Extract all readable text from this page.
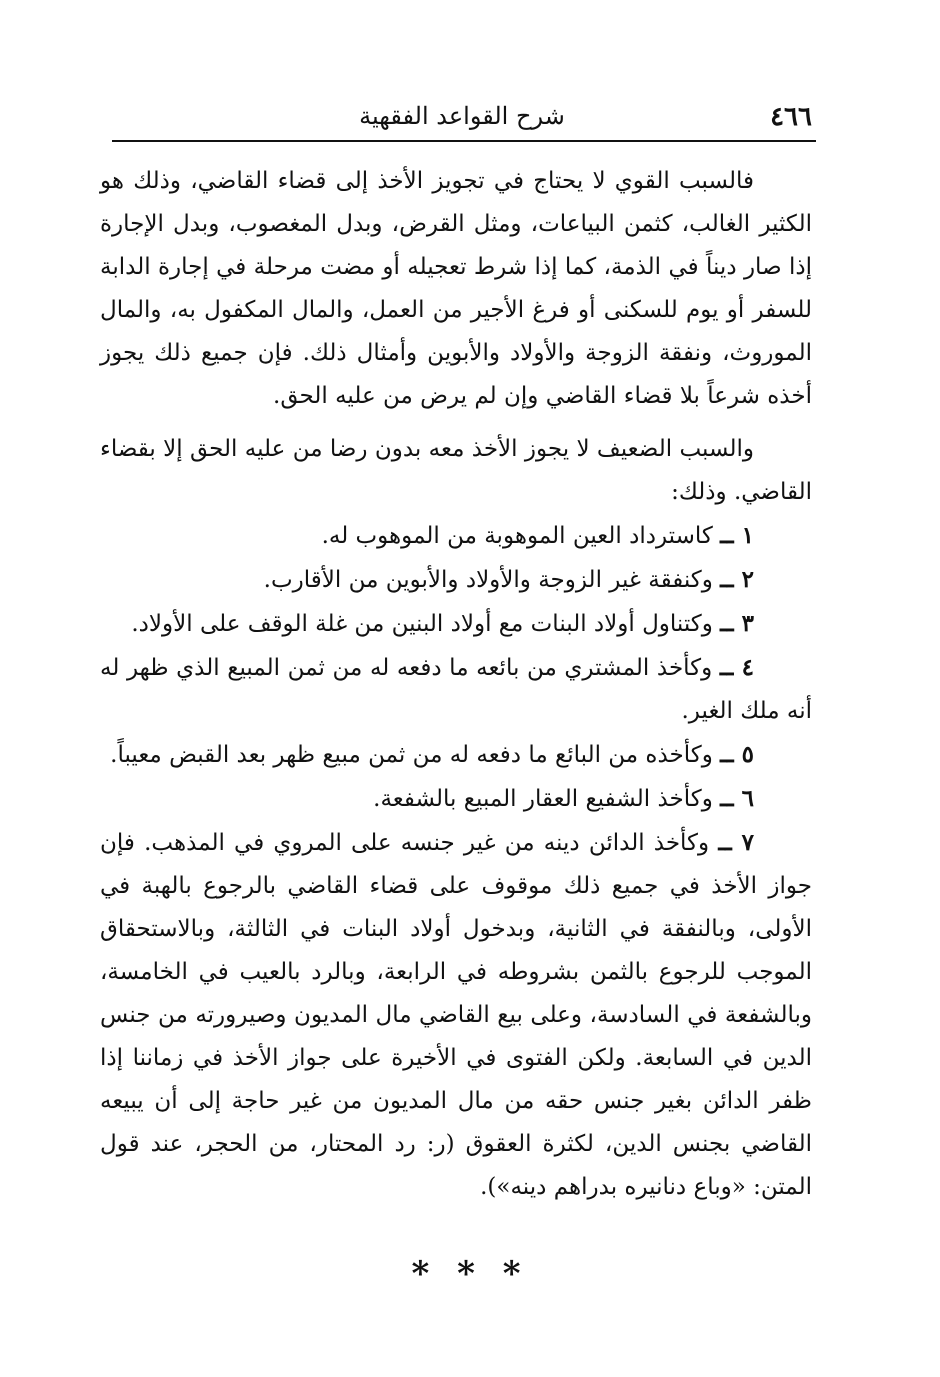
٤٦٦
شرح القواعد الفقهية

فالسبب القوي لا يحتاج في تجويز الأخذ إلى قضاء القاضي، وذلك هو الكثير الغالب، كثمن البياعات، ومثل القرض، وبدل المغصوب، وبدل الإجارة إذا صار ديناً في الذمة، كما إذا شرط تعجيله أو مضت مرحلة في إجارة الدابة للسفر أو يوم للسكنى أو فرغ الأجير من العمل، والمال المكفول به، والمال الموروث، ونفقة الزوجة والأولاد والأبوين وأمثال ذلك. فإن جميع ذلك يجوز أخذه شرعاً بلا قضاء القاضي وإن لم يرض من عليه الحق.

والسبب الضعيف لا يجوز الأخذ معه بدون رضا من عليه الحق إلا بقضاء القاضي. وذلك:

١ ــ كاسترداد العين الموهوبة من الموهوب له.

٢ ــ وكنفقة غير الزوجة والأولاد والأبوين من الأقارب.

٣ ــ وكتناول أولاد البنات مع أولاد البنين من غلة الوقف على الأولاد.

٤ ــ وكأخذ المشتري من بائعه ما دفعه له من ثمن المبيع الذي ظهر له أنه ملك الغير.

٥ ــ وكأخذه من البائع ما دفعه له من ثمن مبيع ظهر بعد القبض معيباً.

٦ ــ وكأخذ الشفيع العقار المبيع بالشفعة.

٧ ــ وكأخذ الدائن دينه من غير جنسه على المروي في المذهب. فإن جواز الأخذ في جميع ذلك موقوف على قضاء القاضي بالرجوع بالهبة في الأولى، وبالنفقة في الثانية، وبدخول أولاد البنات في الثالثة، وبالاستحقاق الموجب للرجوع بالثمن بشروطه في الرابعة، وبالرد بالعيب في الخامسة، وبالشفعة في السادسة، وعلى بيع القاضي مال المديون وصيرورته من جنس الدين في السابعة. ولكن الفتوى في الأخيرة على جواز الأخذ في زماننا إذا ظفر الدائن بغير جنس حقه من مال المديون من غير حاجة إلى أن يبيعه القاضي بجنس الدين، لكثرة العقوق (ر: رد المحتار، من الحجر، عند قول المتن: «وباع دنانيره بدراهم دينه»).

* * *
